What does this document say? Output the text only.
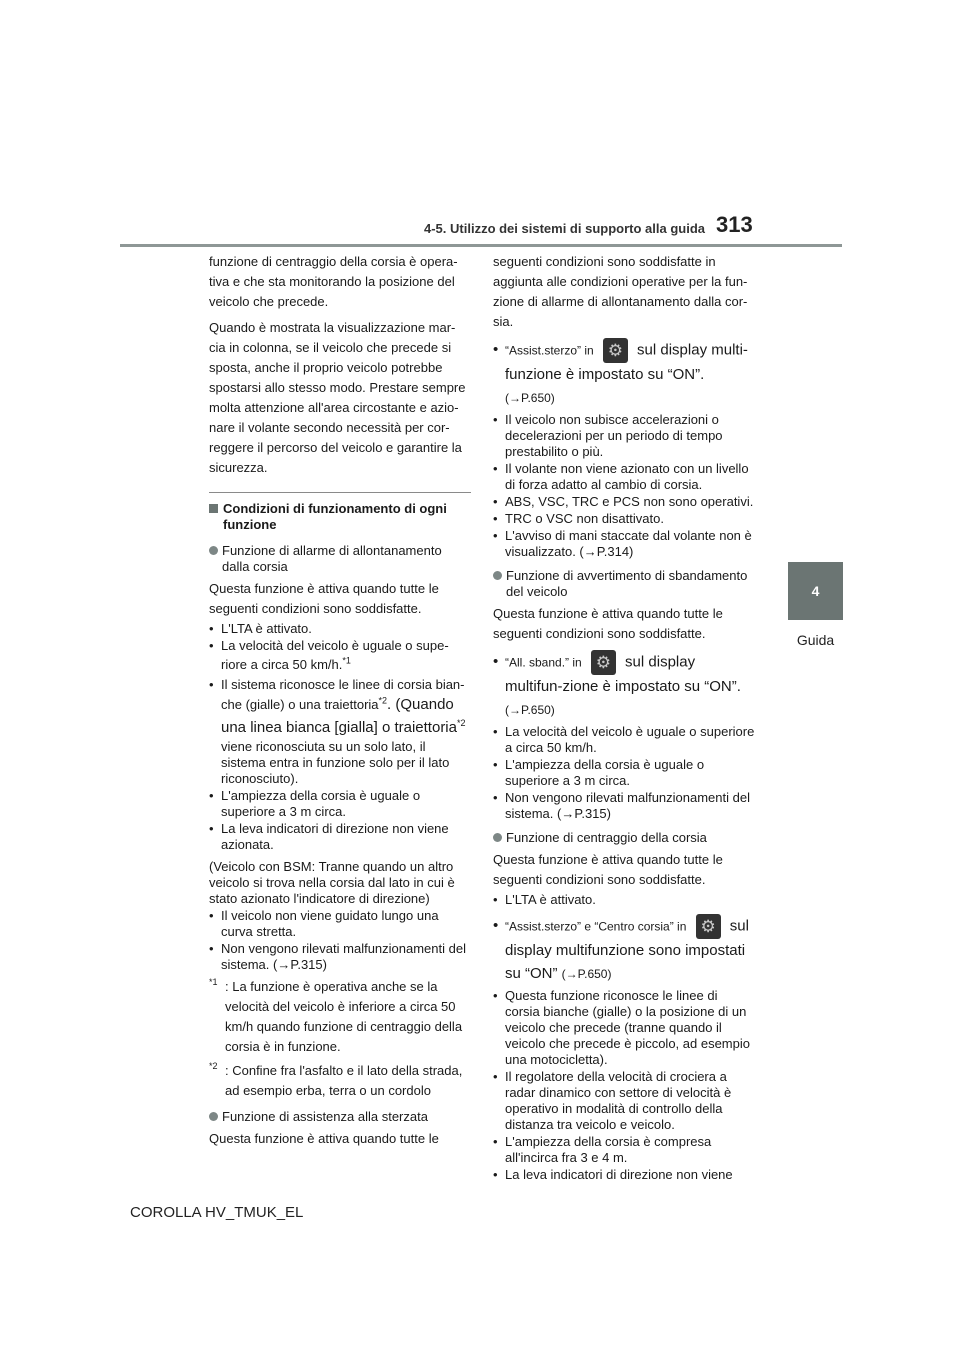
4-5. Utilizzo dei sistemi di supporto alla guida 313
4
Guida
funzione di centraggio della corsia è opera-
tiva e che sta monitorando la posizione del
veicolo che precede.
Quando è mostrata la visualizzazione mar-
cia in colonna, se il veicolo che precede si
sposta, anche il proprio veicolo potrebbe
spostarsi allo stesso modo. Prestare sempre
molta attenzione all'area circostante e azio-
nare il volante secondo necessità per cor-
reggere il percorso del veicolo e garantire la
sicurezza.
Condizioni di funzionamento di ogni funzione
Funzione di allarme di allontanamento dalla corsia
Questa funzione è attiva quando tutte le
seguenti condizioni sono soddisfatte.
• L'LTA è attivato.
• La velocità del veicolo è uguale o supe-
riore a circa 50 km/h.$^{*1}$
• Il sistema riconosce le linee di corsia bian-
che (gialle) o una traiettoria$^{*2}$. (Quando
una linea bianca [gialla] o traiettoria$^{*2}$
viene riconosciuta su un solo lato, il sistema entra in funzione solo per il lato riconosciuto).
• L'ampiezza della corsia è uguale o superiore a 3 m circa.
• La leva indicatori di direzione non viene azionata.
(Veicolo con BSM: Tranne quando un altro veicolo si trova nella corsia dal lato in cui è stato azionato l'indicatore di direzione)
• Il veicolo non viene guidato lungo una curva stretta.
• Non vengono rilevati malfunzionamenti del sistema. (→P.315)
*1 : La funzione è operativa anche se la velocità del veicolo è inferiore a circa 50 km/h quando funzione di centraggio della corsia è in funzione.
*2 : Confine fra l'asfalto e il lato della strada, ad esempio erba, terra o un cordolo
Funzione di assistenza alla sterzata
Questa funzione è attiva quando tutte le
seguenti condizioni sono soddisfatte in
aggiunta alle condizioni operative per la fun-
zione di allarme di allontanamento dalla cor-
sia.
• “Assist.sterzo” in ⚙ sul display multi-funzione è impostato su “ON”. (→P.650)
• Il veicolo non subisce accelerazioni o decelerazioni per un periodo di tempo prestabilito o più.
• Il volante non viene azionato con un livello di forza adatto al cambio di corsia.
• ABS, VSC, TRC e PCS non sono operativi.
• TRC o VSC non disattivato.
• L'avviso di mani staccate dal volante non è visualizzato. (→P.314)
Funzione di avvertimento di sbandamento del veicolo
Questa funzione è attiva quando tutte le
seguenti condizioni sono soddisfatte.
• “All. sband.” in ⚙ sul display multifun-zione è impostato su “ON”. (→P.650)
• La velocità del veicolo è uguale o superiore a circa 50 km/h.
• L'ampiezza della corsia è uguale o superiore a 3 m circa.
• Non vengono rilevati malfunzionamenti del sistema. (→P.315)
Funzione di centraggio della corsia
Questa funzione è attiva quando tutte le
seguenti condizioni sono soddisfatte.
• L'LTA è attivato.
• “Assist.sterzo” e “Centro corsia” in ⚙ sul display multifunzione sono impostati su “ON” (→P.650)
• Questa funzione riconosce le linee di corsia bianche (gialle) o la posizione di un veicolo che precede (tranne quando il veicolo che precede è piccolo, ad esempio una motocicletta).
• Il regolatore della velocità di crociera a radar dinamico con settore di velocità è operativo in modalità di controllo della distanza tra veicolo e veicolo.
• L'ampiezza della corsia è compresa all'incirca fra 3 e 4 m.
• La leva indicatori di direzione non viene
COROLLA HV_TMUK_EL
